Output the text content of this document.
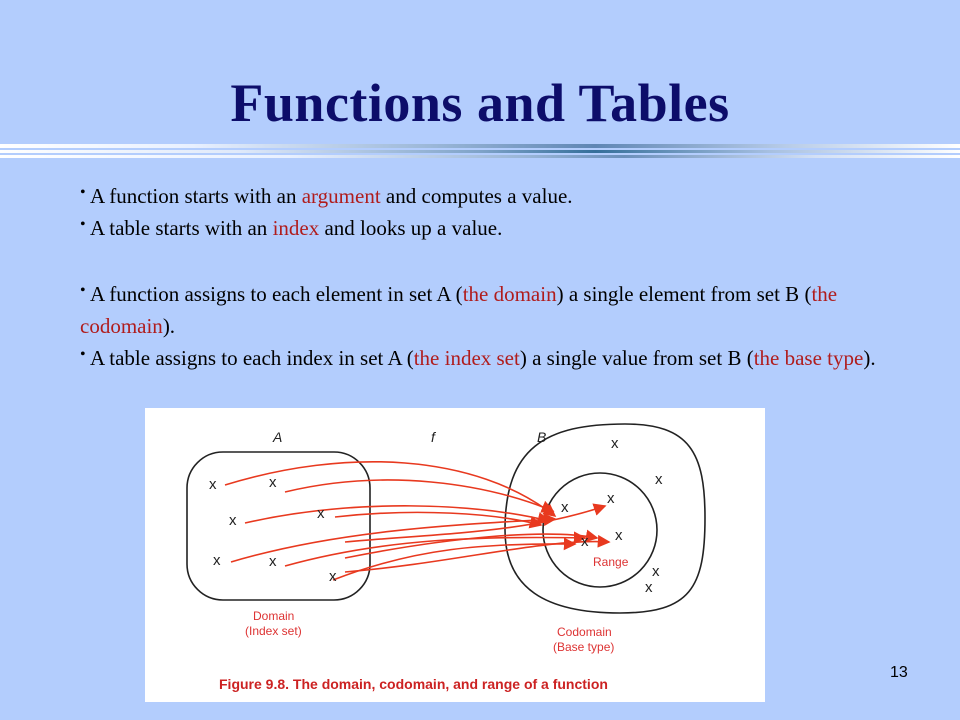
Functions and Tables

• A function starts with an argument and computes a value.

• A table starts with an index and looks up a value.

• A function assigns to each element in set A (the domain) a single element from set B (the codomain).

• A table assigns to each index in set A (the index set) a single value from set B (the base type).

A	f	B
x	x
x	x
x	x
x
x
x
x
x
x x
x
x
Range
Domain
(Index set)	Codomain
(Base type)
Figure 9.8. The domain, codomain, and range of a function
13
